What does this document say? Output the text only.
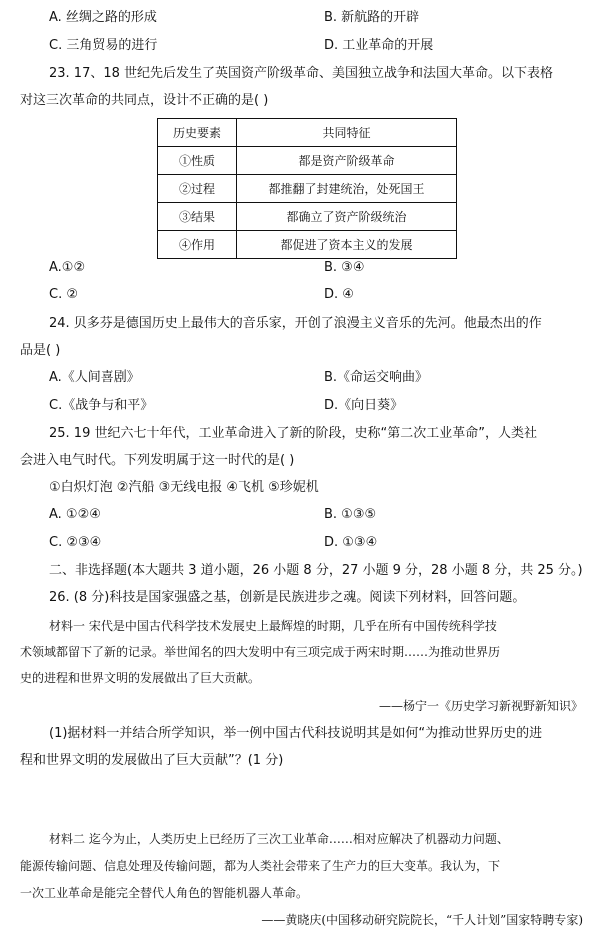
A. 丝绸之路的形成	B. 新航路的开辟
C. 三角贸易的进行	D. 工业革命的开展
23. 17、18 世纪先后发生了英国资产阶级革命、美国独立战争和法国大革命。以下表格
对这三次革命的共同点，设计不正确的是( )
历史要素	共同特征
①性质	都是资产阶级革命
②过程	都推翻了封建统治，处死国王
③结果	都确立了资产阶级统治
④作用	都促进了资本主义的发展
A.①②	B. ③④
C. ②	D. ④
24. 贝多芬是德国历史上最伟大的音乐家，开创了浪漫主义音乐的先河。他最杰出的作
品是( )
A.《人间喜剧》	B.《命运交响曲》
C.《战争与和平》	D.《向日葵》
25. 19 世纪六七十年代，工业革命进入了新的阶段，史称“第二次工业革命”，人类社
会进入电气时代。下列发明属于这一时代的是( )
①白炽灯泡 ②汽船 ③无线电报 ④飞机 ⑤珍妮机
A. ①②④	B. ①③⑤
C. ②③④	D. ①③④
二、非选择题(本大题共 3 道小题，26 小题 8 分，27 小题 9 分，28 小题 8 分，共 25 分。)
26. (8 分)科技是国家强盛之基，创新是民族进步之魂。阅读下列材料，回答问题。
材料一 宋代是中国古代科学技术发展史上最辉煌的时期，几乎在所有中国传统科学技
术领域都留下了新的记录。举世闻名的四大发明中有三项完成于两宋时期……为推动世界历
史的进程和世界文明的发展做出了巨大贡献。
——杨宁一《历史学习新视野新知识》
(1)据材料一并结合所学知识，举一例中国古代科技说明其是如何“为推动世界历史的进
程和世界文明的发展做出了巨大贡献”？(1 分)
材料二 迄今为止，人类历史上已经历了三次工业革命……相对应解决了机器动力问题、
能源传输问题、信息处理及传输问题，都为人类社会带来了生产力的巨大变革。我认为，下
一次工业革命是能完全替代人角色的智能机器人革命。
——黄晓庆(中国移动研究院院长，“千人计划”国家特聘专家)
